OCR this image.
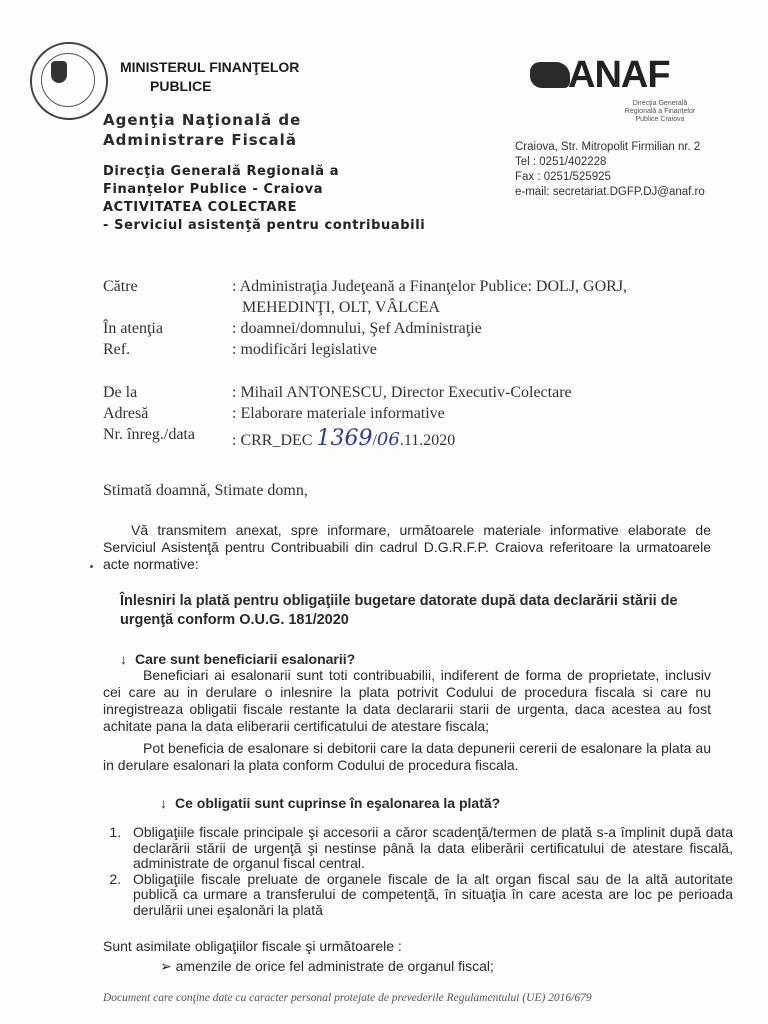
MINISTERUL FINANŢELOR
PUBLICE
Agenţia Naţională de
Administrare Fiscală
Direcţia Generală Regională a
Finanţelor Publice - Craiova
ACTIVITATEA COLECTARE
- Serviciul asistenţă pentru contribuabili
ANAF
Direcţia Generală Regională a Finanţelor Publice Craiova
Craiova, Str. Mitropolit Firmilian nr. 2
Tel : 0251/402228
Fax : 0251/525925
e-mail: secretariat.DGFP.DJ@anaf.ro
Către	: Administraţia Judeţeană a Finanţelor Publice: DOLJ, GORJ,
MEHEDINŢI, OLT, VÂLCEA
În atenţia	: doamnei/domnului, Şef Administraţie
Ref.	: modificări legislative
De la	: Mihail ANTONESCU, Director Executiv-Colectare
Adresă	: Elaborare materiale informative
Nr. înreg./data : CRR_DEC 1369/06.11.2020
Stimată doamnă, Stimate domn,
Vă transmitem anexat, spre informare, următoarele materiale informative elaborate de Serviciul Asistenţă pentru Contribuabili din cadrul D.G.R.F.P. Craiova referitoare la urmatoarele acte normative:
Înlesniri la plată pentru obligaţiile bugetare datorate după data declarării stării de urgenţă conform O.U.G. 181/2020
↓ Care sunt beneficiarii esalonarii?
Beneficiari ai esalonarii sunt toti contribuabilii, indiferent de forma de proprietate, inclusiv cei care au in derulare o inlesnire la plata potrivit Codului de procedura fiscala si care nu inregistreaza obligatii fiscale restante la data declararii starii de urgenta, daca acestea au fost achitate pana la data eliberarii certificatului de atestare fiscala;
Pot beneficia de esalonare si debitorii care la data depunerii cererii de esalonare la plata au in derulare esalonari la plata conform Codului de procedura fiscala.
↓ Ce obligatii sunt cuprinse în eşalonarea la plată?
1. Obligaţiile fiscale principale şi accesorii a căror scadenţă/termen de plată s-a împlinit după data declarării stării de urgenţă şi nestinse până la data eliberării certificatului de atestare fiscală, administrate de organul fiscal central.
2. Obligaţiile fiscale preluate de organele fiscale de la alt organ fiscal sau de la altă autoritate publică ca urmare a transferului de competenţă, în situaţia în care acesta are loc pe perioada derulării unei eşalonări la plată
Sunt asimilate obligaţiilor fiscale şi următoarele :
➢ amenzile de orice fel administrate de organul fiscal;
Document care conţine date cu caracter personal protejate de prevederile Regulamentului (UE) 2016/679
